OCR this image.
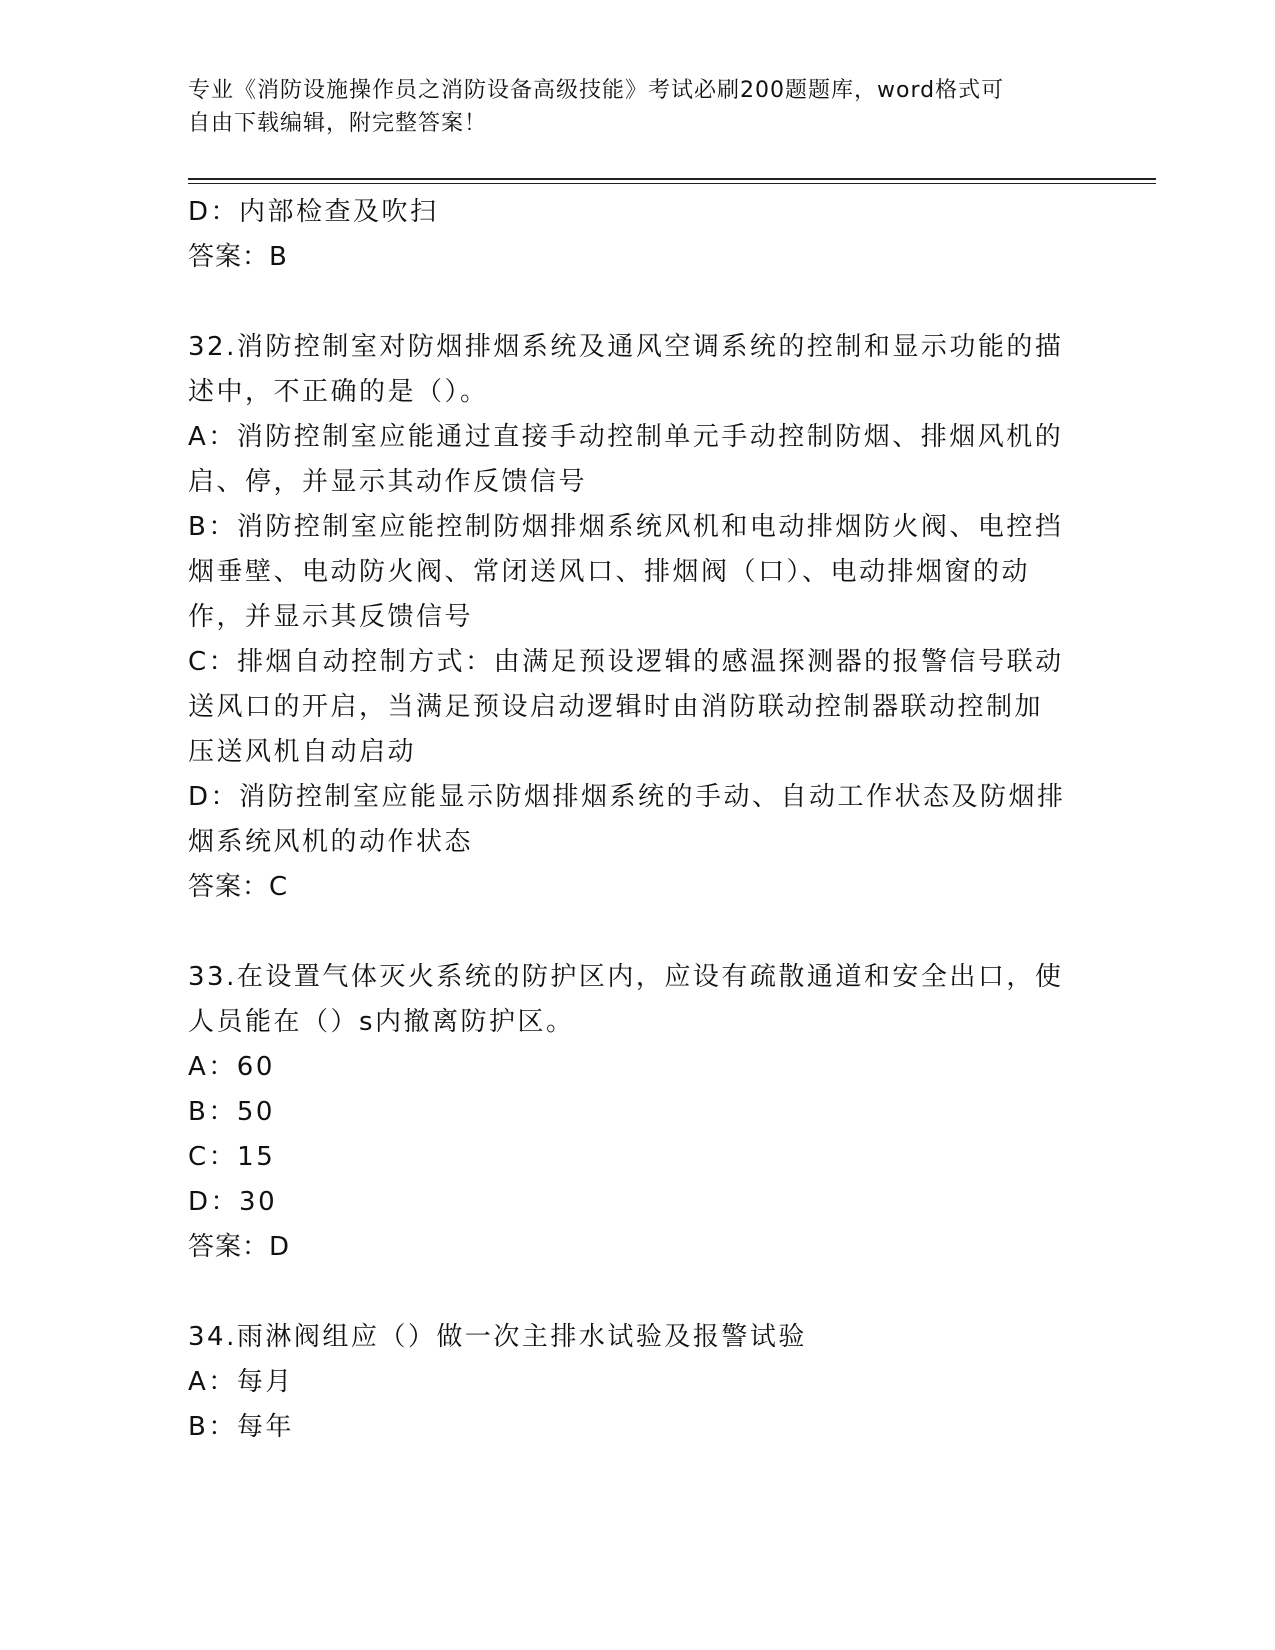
专业《消防设施操作员之消防设备高级技能》考试必刷200题题库，word格式可
自由下载编辑，附完整答案！
D：内部检查及吹扫
答案：B
32.消防控制室对防烟排烟系统及通风空调系统的控制和显示功能的描
述中，不正确的是（）。
A：消防控制室应能通过直接手动控制单元手动控制防烟、排烟风机的
启、停，并显示其动作反馈信号
B：消防控制室应能控制防烟排烟系统风机和电动排烟防火阀、电控挡
烟垂壁、电动防火阀、常闭送风口、排烟阀（口）、电动排烟窗的动
作，并显示其反馈信号
C：排烟自动控制方式：由满足预设逻辑的感温探测器的报警信号联动
送风口的开启，当满足预设启动逻辑时由消防联动控制器联动控制加
压送风机自动启动
D：消防控制室应能显示防烟排烟系统的手动、自动工作状态及防烟排
烟系统风机的动作状态
答案：C
33.在设置气体灭火系统的防护区内，应设有疏散通道和安全出口，使
人员能在（）s内撤离防护区。
A：60
B：50
C：15
D：30
答案：D
34.雨淋阀组应（）做一次主排水试验及报警试验
A：每月
B：每年
